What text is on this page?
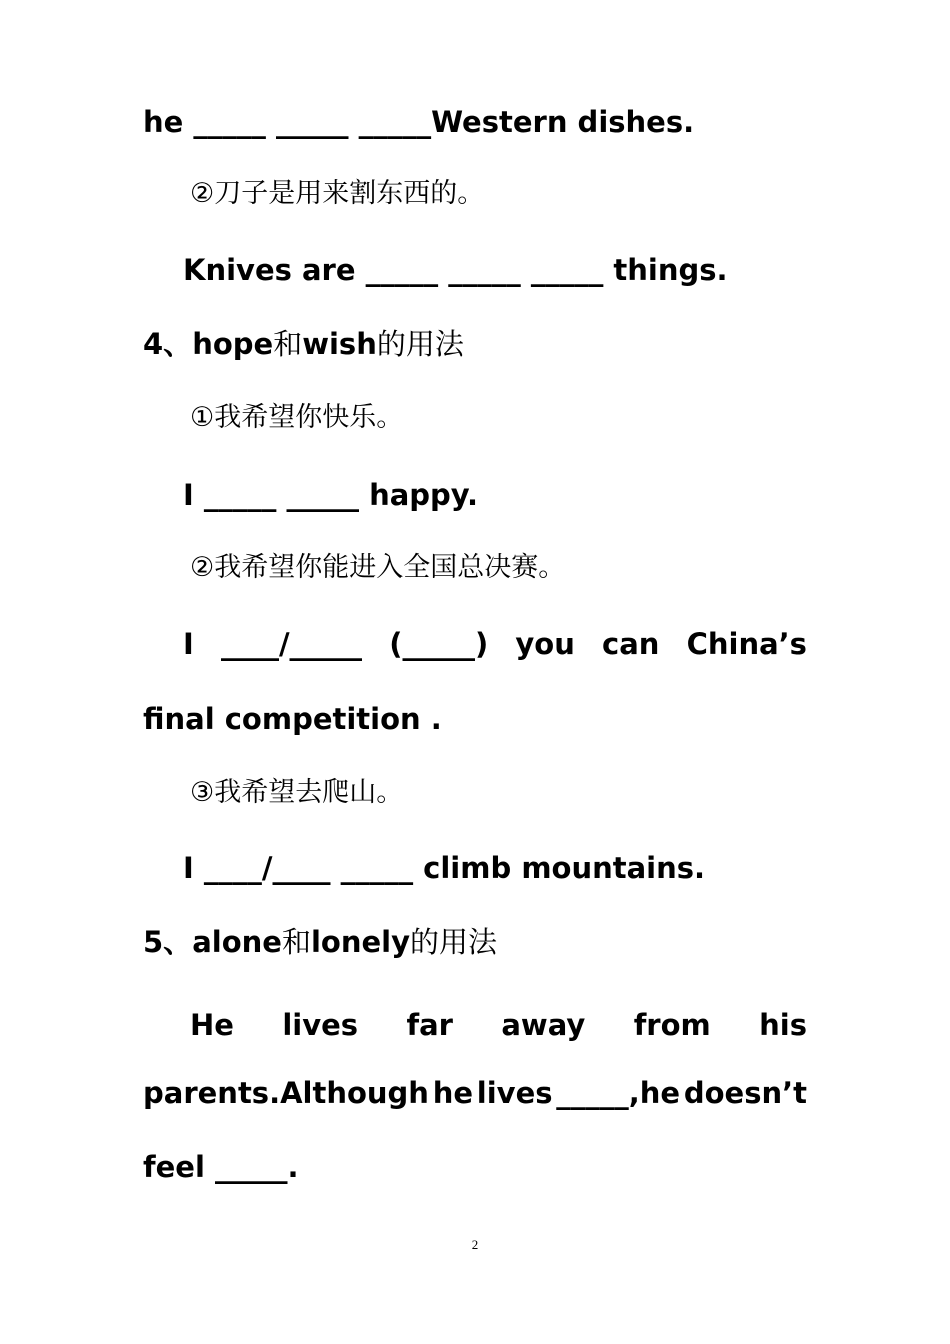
he _____ _____ _____Western dishes.
②刀子是用来割东西的。
Knives are _____ _____ _____ things.
4、hope和wish的用法
①我希望你快乐。
I _____ _____ happy.
②我希望你能进入全国总决赛。
I ____/_____ (_____) you can China’s
final competition .
③我希望去爬山。
I ____/____ _____ climb mountains.
5、alone和lonely的用法
He lives far away from his
parents.Although he lives _____,he doesn’t
feel _____.
2
